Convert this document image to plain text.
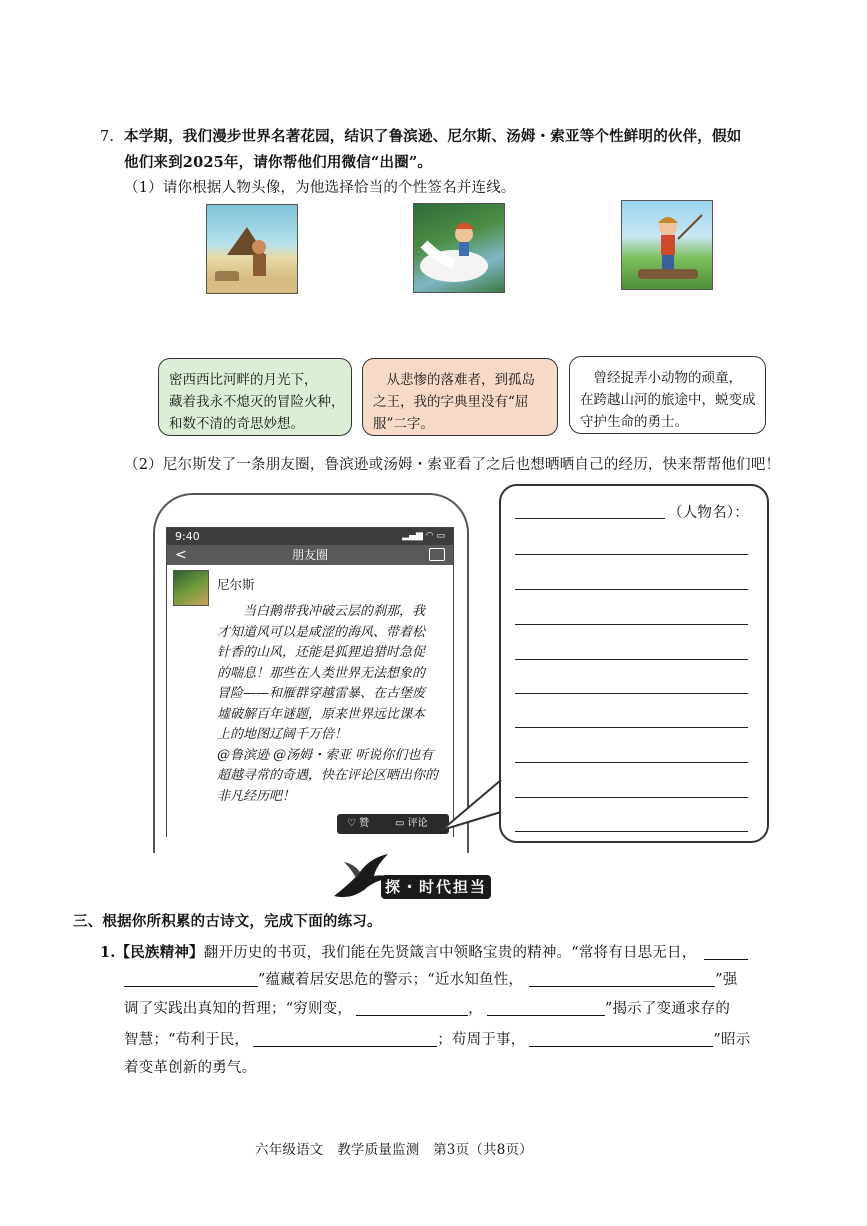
7. 本学期，我们漫步世界名著花园，结识了鲁滨逊、尼尔斯、汤姆・索亚等个性鲜明的伙伴，假如
他们来到2025年，请你帮他们用微信“出圈”。
（1）请你根据人物头像，为他选择恰当的个性签名并连线。
密西西比河畔的月光下，
藏着我永不熄灭的冒险火种，
和数不清的奇思妙想。
　从悲惨的落难者，到孤岛
之王，我的字典里没有“屈
服”二字。
　曾经捉弄小动物的顽童，
在跨越山河的旅途中，蜕变成
守护生命的勇士。
（2）尼尔斯发了一条朋友圈，鲁滨逊或汤姆・索亚看了之后也想晒晒自己的经历，快来帮帮他们吧！
9:40	▂▄▆ ◠ ▭
<	朋友圈
尼尔斯
　　当白鹅带我冲破云层的刹那，我
才知道风可以是咸涩的海风、带着松
针香的山风，还能是狐狸追猎时急促
的喘息！那些在人类世界无法想象的
冒险——和雁群穿越雷暴、在古堡废
墟破解百年谜题，原来世界远比课本
上的地图辽阔千万倍！
@鲁滨逊 @汤姆・索亚 听说你们也有
超越寻常的奇遇，快在评论区晒出你的
非凡经历吧！
♡ 赞	▭ 评论
（人物名）：
探・时代担当
三、根据你所积累的古诗文，完成下面的练习。
1.【民族精神】翻开历史的书页，我们能在先贤箴言中领略宝贵的精神。“常将有日思无日，
”蕴藏着居安思危的警示；“近水知鱼性，	”强
调了实践出真知的哲理；“穷则变，	，	”揭示了变通求存的
智慧；“苟利于民，	；苟周于事，	”昭示
着变革创新的勇气。
六年级语文　教学质量监测　第3页（共8页）
